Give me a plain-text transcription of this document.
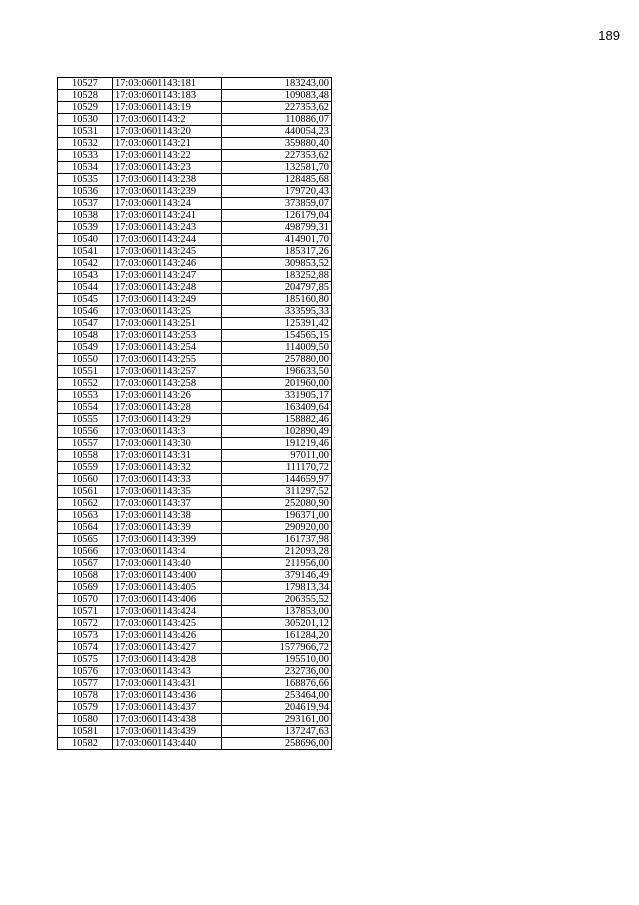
189
10527	17:03:0601143:181	183243,00
10528	17:03:0601143:183	109083,48
10529	17:03:0601143:19	227353,62
10530	17:03:0601143:2	110886,07
10531	17:03:0601143:20	440054,23
10532	17:03:0601143:21	359880,40
10533	17:03:0601143:22	227353,62
10534	17:03:0601143:23	132581,70
10535	17:03:0601143:238	128485,68
10536	17:03:0601143:239	179720,43
10537	17:03:0601143:24	373859,07
10538	17:03:0601143:241	126179,04
10539	17:03:0601143:243	498799,31
10540	17:03:0601143:244	414901,70
10541	17:03:0601143:245	185317,26
10542	17:03:0601143:246	309853,52
10543	17:03:0601143:247	183252,88
10544	17:03:0601143:248	204797,85
10545	17:03:0601143:249	185160,80
10546	17:03:0601143:25	333595,33
10547	17:03:0601143:251	125391,42
10548	17:03:0601143:253	154565,15
10549	17:03:0601143:254	114009,50
10550	17:03:0601143:255	257880,00
10551	17:03:0601143:257	196633,50
10552	17:03:0601143:258	201960,00
10553	17:03:0601143:26	331905,17
10554	17:03:0601143:28	163409,64
10555	17:03:0601143:29	158882,46
10556	17:03:0601143:3	102890,49
10557	17:03:0601143:30	191219,46
10558	17:03:0601143:31	97011,00
10559	17:03:0601143:32	111170,72
10560	17:03:0601143:33	144659,97
10561	17:03:0601143:35	311297,52
10562	17:03:0601143:37	252080,90
10563	17:03:0601143:38	196371,00
10564	17:03:0601143:39	290920,00
10565	17:03:0601143:399	161737,98
10566	17:03:0601143:4	212093,28
10567	17:03:0601143:40	211956,00
10568	17:03:0601143:400	379146,49
10569	17:03:0601143:405	179813,34
10570	17:03:0601143:406	206355,52
10571	17:03:0601143:424	137853,00
10572	17:03:0601143:425	305201,12
10573	17:03:0601143:426	161284,20
10574	17:03:0601143:427	1577966,72
10575	17:03:0601143:428	195510,00
10576	17:03:0601143:43	232736,00
10577	17:03:0601143:431	168876,66
10578	17:03:0601143:436	253464,00
10579	17:03:0601143:437	204619,94
10580	17:03:0601143:438	293161,00
10581	17:03:0601143:439	137247,63
10582	17:03:0601143:440	258696,00
